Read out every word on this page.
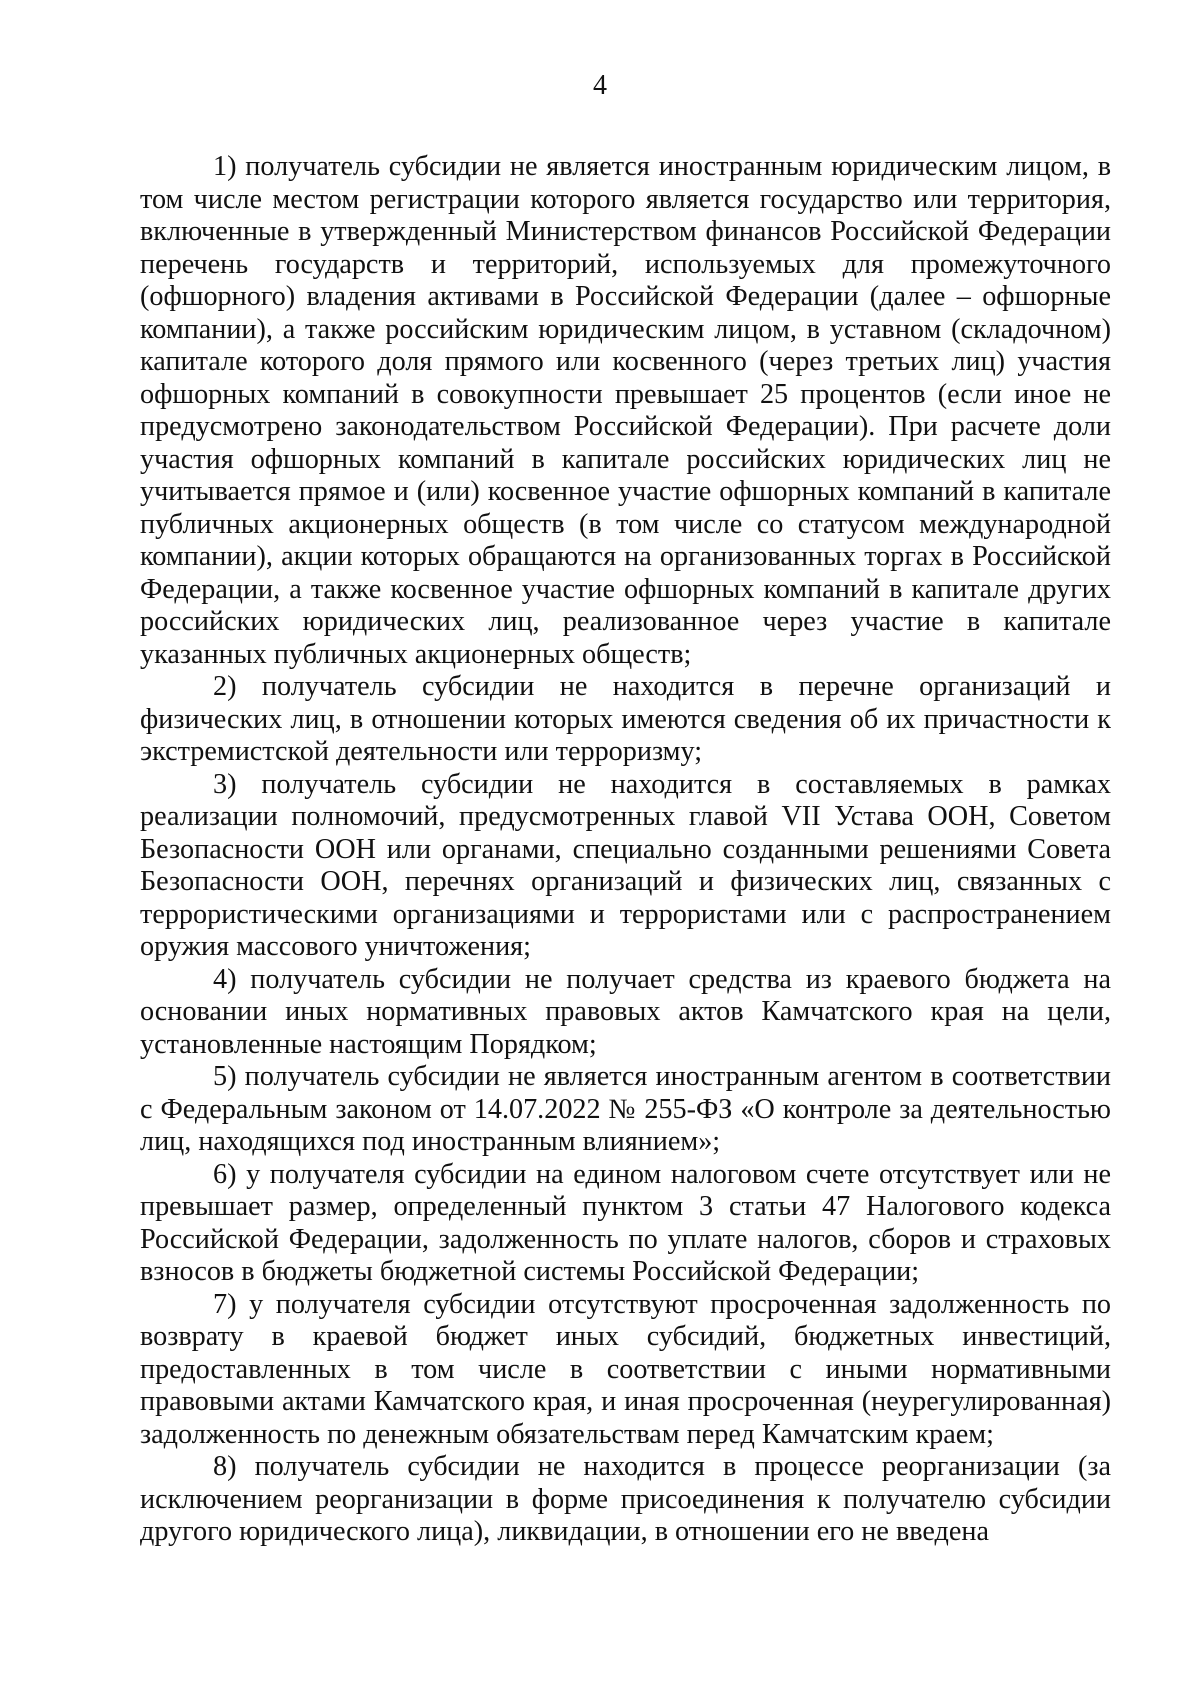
4

1) получатель субсидии не является иностранным юридическим лицом, в том числе местом регистрации которого является государство или территория, включенные в утвержденный Министерством финансов Российской Федерации перечень государств и территорий, используемых для промежуточного (офшорного) владения активами в Российской Федерации (далее – офшорные компании), а также российским юридическим лицом, в уставном (складочном) капитале которого доля прямого или косвенного (через третьих лиц) участия офшорных компаний в совокупности превышает 25 процентов (если иное не предусмотрено законодательством Российской Федерации). При расчете доли участия офшорных компаний в капитале российских юридических лиц не учитывается прямое и (или) косвенное участие офшорных компаний в капитале публичных акционерных обществ (в том числе со статусом международной компании), акции которых обращаются на организованных торгах в Российской Федерации, а также косвенное участие офшорных компаний в капитале других российских юридических лиц, реализованное через участие в капитале указанных публичных акционерных обществ;

2) получатель субсидии не находится в перечне организаций и физических лиц, в отношении которых имеются сведения об их причастности к экстремистской деятельности или терроризму;

3) получатель субсидии не находится в составляемых в рамках реализации полномочий, предусмотренных главой VII Устава ООН, Советом Безопасности ООН или органами, специально созданными решениями Совета Безопасности ООН, перечнях организаций и физических лиц, связанных с террористическими организациями и террористами или с распространением оружия массового уничтожения;

4) получатель субсидии не получает средства из краевого бюджета на основании иных нормативных правовых актов Камчатского края на цели, установленные настоящим Порядком;

5) получатель субсидии не является иностранным агентом в соответствии с Федеральным законом от 14.07.2022 № 255-ФЗ «О контроле за деятельностью лиц, находящихся под иностранным влиянием»;

6) у получателя субсидии на едином налоговом счете отсутствует или не превышает размер, определенный пунктом 3 статьи 47 Налогового кодекса Российской Федерации, задолженность по уплате налогов, сборов и страховых взносов в бюджеты бюджетной системы Российской Федерации;

7) у получателя субсидии отсутствуют просроченная задолженность по возврату в краевой бюджет иных субсидий, бюджетных инвестиций, предоставленных в том числе в соответствии с иными нормативными правовыми актами Камчатского края, и иная просроченная (неурегулированная) задолженность по денежным обязательствам перед Камчатским краем;

8) получатель субсидии не находится в процессе реорганизации (за исключением реорганизации в форме присоединения к получателю субсидии другого юридического лица), ликвидации, в отношении его не введена
